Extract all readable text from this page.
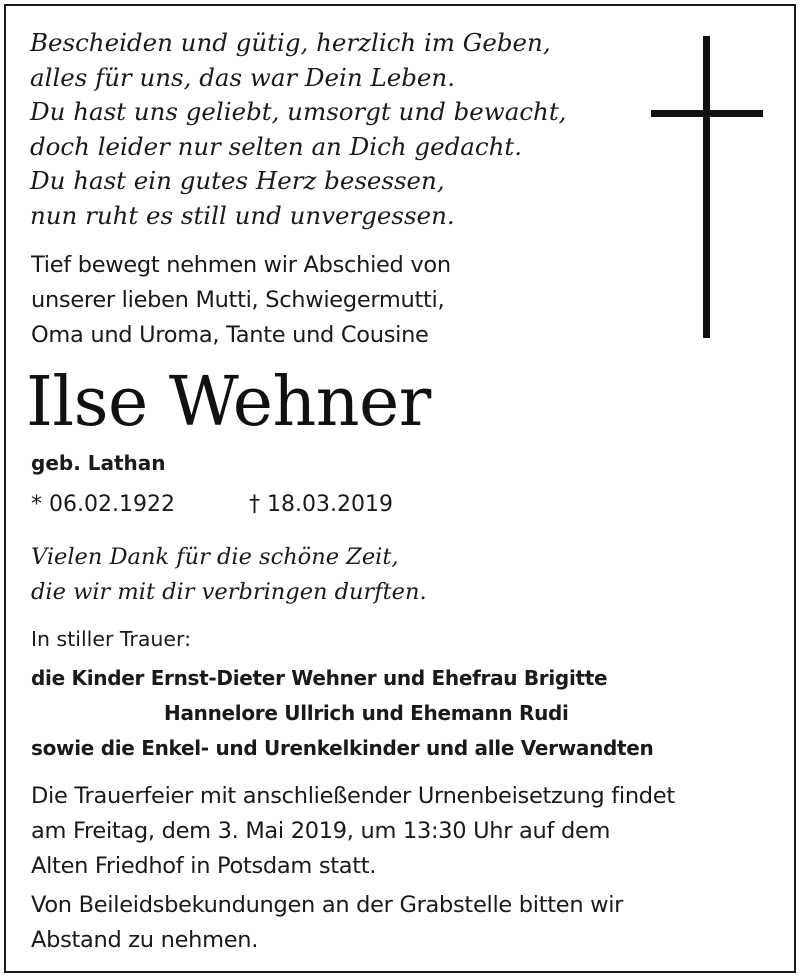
Bescheiden und gütig, herzlich im Geben,
alles für uns, das war Dein Leben.
Du hast uns geliebt, umsorgt und bewacht,
doch leider nur selten an Dich gedacht.
Du hast ein gutes Herz besessen,
nun ruht es still und unvergessen.
Tief bewegt nehmen wir Abschied von
unserer lieben Mutti, Schwiegermutti,
Oma und Uroma, Tante und Cousine
Ilse Wehner
geb. Lathan
* 06.02.1922	† 18.03.2019
Vielen Dank für die schöne Zeit,
die wir mit dir verbringen durften.
In stiller Trauer:
die Kinder Ernst-Dieter Wehner und Ehefrau Brigitte
Hannelore Ullrich und Ehemann Rudi
sowie die Enkel- und Urenkelkinder und alle Verwandten
Die Trauerfeier mit anschließender Urnenbeisetzung findet
am Freitag, dem 3. Mai 2019, um 13:30 Uhr auf dem
Alten Friedhof in Potsdam statt.
Von Beileidsbekundungen an der Grabstelle bitten wir
Abstand zu nehmen.
